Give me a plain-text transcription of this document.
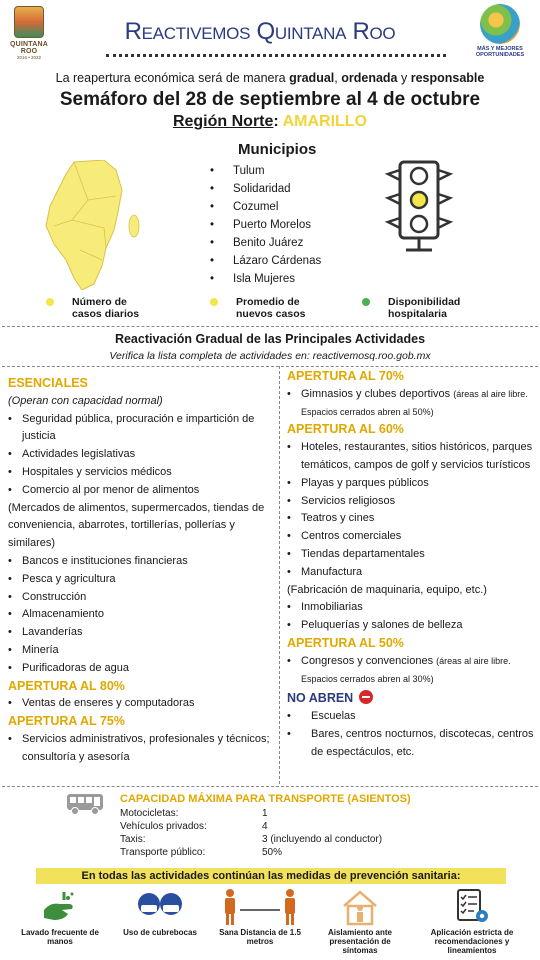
QUINTANA ROO
2016 • 2022
Reactivemos Quintana Roo
MÁS Y MEJORES OPORTUNIDADES
La reapertura económica será de manera gradual, ordenada y responsable
Semáforo del 28 de septiembre al 4 de octubre
Región Norte: AMARILLO
Municipios
• Tulum
• Solidaridad
• Cozumel
• Puerto Morelos
• Benito Juárez
• Lázaro Cárdenas
• Isla Mujeres
Número de casos diarios
Promedio de nuevos casos
Disponibilidad hospitalaria
Reactivación Gradual de las Principales Actividades
Verifica la lista completa de actividades en: reactivemosq.roo.gob.mx
ESENCIALES
(Operan con capacidad normal)
• Seguridad pública, procuración e impartición de justicia
• Actividades legislativas
• Hospitales y servicios médicos
• Comercio al por menor de alimentos
(Mercados de alimentos, supermercados, tiendas de conveniencia, abarrotes, tortillerías, pollerías y similares)
• Bancos e instituciones financieras
• Pesca y agricultura
• Construcción
• Almacenamiento
• Lavanderías
• Minería
• Purificadoras de agua
APERTURA AL 80%
• Ventas de enseres y computadoras
APERTURA AL 75%
• Servicios administrativos, profesionales y técnicos; consultoría y asesoría
APERTURA AL 70%
• Gimnasios y clubes deportivos (áreas al aire libre. Espacios cerrados abren al 50%)
APERTURA AL 60%
• Hoteles, restaurantes, sitios históricos, parques temáticos, campos de golf y servicios turísticos
• Playas y parques públicos
• Servicios religiosos
• Teatros y cines
• Centros comerciales
• Tiendas departamentales
• Manufactura
(Fabricación de maquinaria, equipo, etc.)
• Inmobiliarias
• Peluquerías y salones de belleza
APERTURA AL 50%
• Congresos y convenciones (áreas al aire libre. Espacios cerrados abren al 30%)
NO ABREN
• Escuelas
• Bares, centros nocturnos, discotecas, centros de espectáculos, etc.
CAPACIDAD MÁXIMA PARA TRANSPORTE (ASIENTOS)
Motocicletas:	1
Vehículos privados:	4
Taxis:	3 (incluyendo al conductor)
Transporte público:	50%
En todas las actividades continúan las medidas de prevención sanitaria:
Lavado frecuente de manos
Uso de cubrebocas	Sana Distancia de 1.5 metros
Aislamiento ante presentación de síntomas
Aplicación estricta de recomendaciones y lineamientos
